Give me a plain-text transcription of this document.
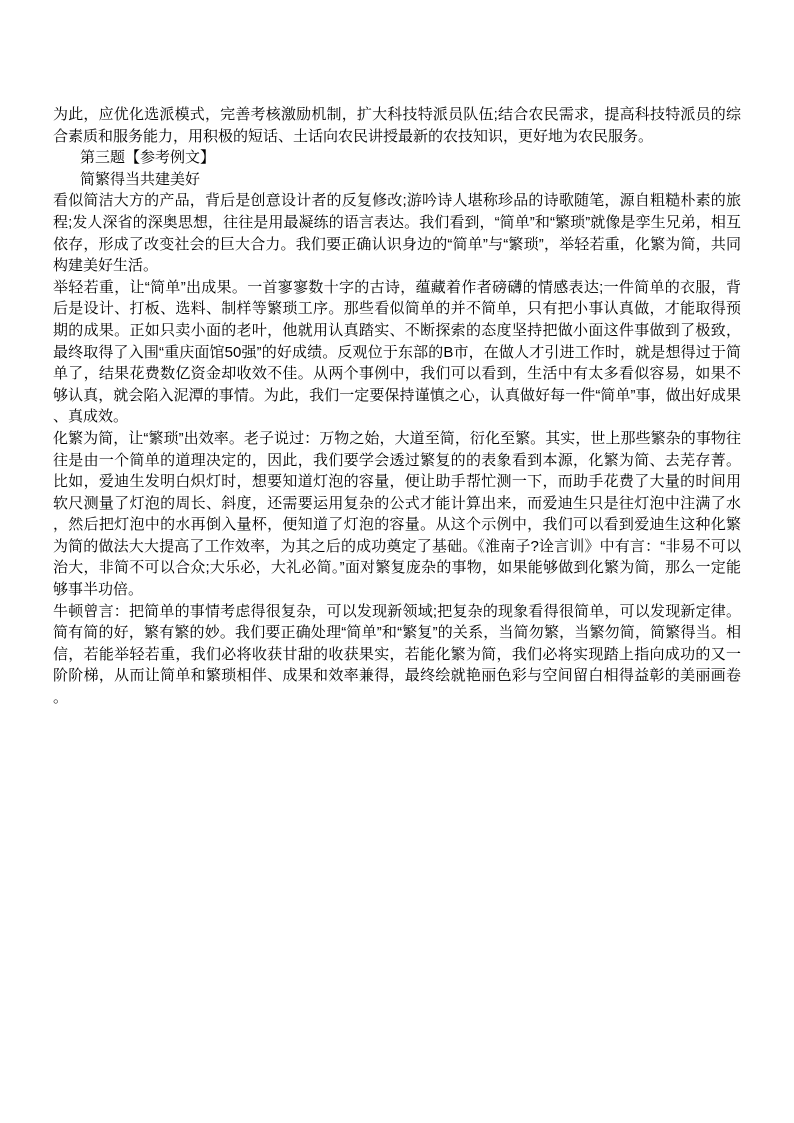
为此，应优化选派模式，完善考核激励机制，扩大科技特派员队伍;结合农民需求，提高科技特派员的综合素质和服务能力，用积极的短话、土话向农民讲授最新的农技知识，更好地为农民服务。

第三题【参考例文】

简繁得当共建美好

看似简洁大方的产品，背后是创意设计者的反复修改;游吟诗人堪称珍品的诗歌随笔，源自粗糙朴素的旅程;发人深省的深奥思想，往往是用最凝练的语言表达。我们看到，“简单”和“繁琐”就像是孪生兄弟，相互依存，形成了改变社会的巨大合力。我们要正确认识身边的“简单”与“繁琐”，举轻若重，化繁为简，共同构建美好生活。

举轻若重，让“简单”出成果。一首寥寥数十字的古诗，蕴藏着作者磅礴的情感表达;一件简单的衣服，背后是设计、打板、选料、制样等繁琐工序。那些看似简单的并不简单，只有把小事认真做，才能取得预期的成果。正如只卖小面的老叶，他就用认真踏实、不断探索的态度坚持把做小面这件事做到了极致，最终取得了入围“重庆面馆50强”的好成绩。反观位于东部的B市，在做人才引进工作时，就是想得过于简单了，结果花费数亿资金却收效不佳。从两个事例中，我们可以看到，生活中有太多看似容易，如果不够认真，就会陷入泥潭的事情。为此，我们一定要保持谨慎之心，认真做好每一件“简单”事，做出好成果、真成效。

化繁为简，让“繁琐”出效率。老子说过：万物之始，大道至简，衍化至繁。其实，世上那些繁杂的事物往往是由一个简单的道理决定的，因此，我们要学会透过繁复的的表象看到本源，化繁为简、去芜存菁。比如，爱迪生发明白炽灯时，想要知道灯泡的容量，便让助手帮忙测一下，而助手花费了大量的时间用软尺测量了灯泡的周长、斜度，还需要运用复杂的公式才能计算出来，而爱迪生只是往灯泡中注满了水，然后把灯泡中的水再倒入量杯，便知道了灯泡的容量。从这个示例中，我们可以看到爱迪生这种化繁为简的做法大大提高了工作效率，为其之后的成功奠定了基础。《淮南子?诠言训》中有言：“非易不可以治大，非简不可以合众;大乐必，大礼必简。”面对繁复庞杂的事物，如果能够做到化繁为简，那么一定能够事半功倍。

牛顿曾言：把简单的事情考虑得很复杂，可以发现新领域;把复杂的现象看得很简单，可以发现新定律。简有简的好，繁有繁的妙。我们要正确处理“简单”和“繁复”的关系，当简勿繁，当繁勿简，简繁得当。相信，若能举轻若重，我们必将收获甘甜的收获果实，若能化繁为简，我们必将实现踏上指向成功的又一阶阶梯，从而让简单和繁琐相伴、成果和效率兼得，最终绘就艳丽色彩与空间留白相得益彰的美丽画卷。
